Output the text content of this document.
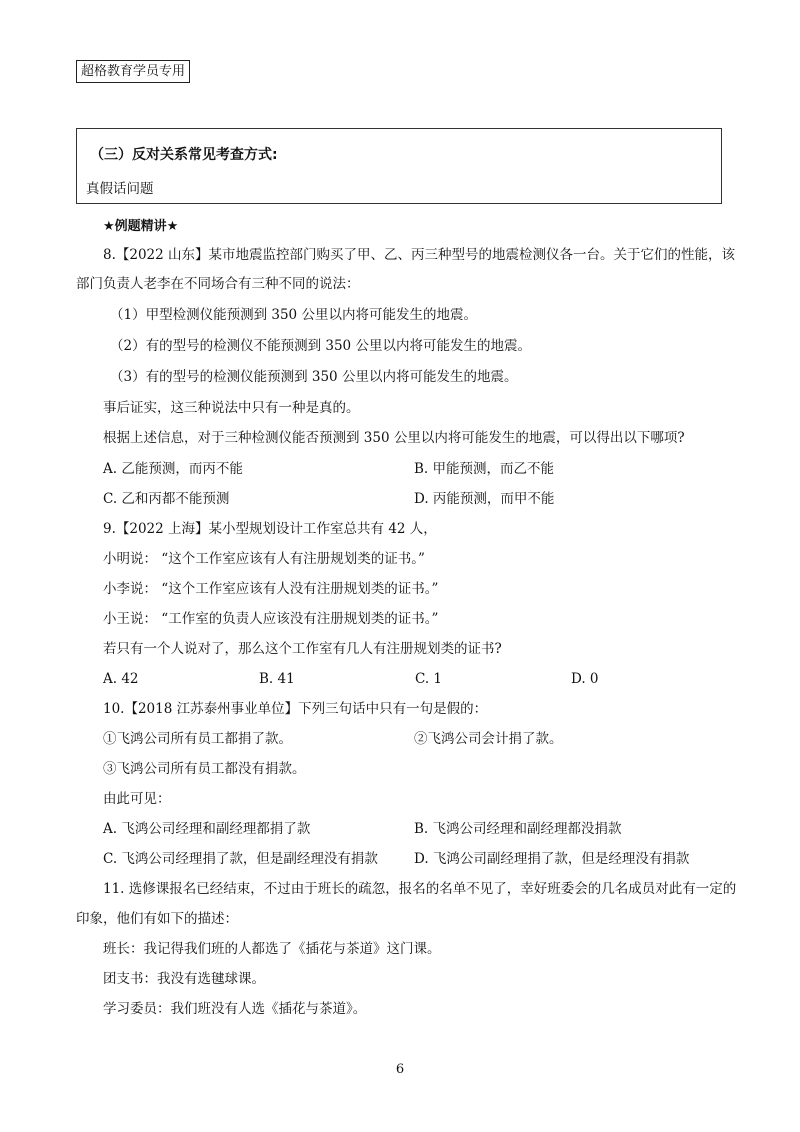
超格教育学员专用
（三）反对关系常见考查方式:
真假话问题
★例题精讲★
8.【2022 山东】某市地震监控部门购买了甲、乙、丙三种型号的地震检测仪各一台。关于它们的性能，该
部门负责人老李在不同场合有三种不同的说法：
（1）甲型检测仪能预测到 350 公里以内将可能发生的地震。
（2）有的型号的检测仪不能预测到 350 公里以内将可能发生的地震。
（3）有的型号的检测仪能预测到 350 公里以内将可能发生的地震。
事后证实，这三种说法中只有一种是真的。
根据上述信息，对于三种检测仪能否预测到 350 公里以内将可能发生的地震，可以得出以下哪项?
A. 乙能预测，而丙不能	B. 甲能预测，而乙不能
C. 乙和丙都不能预测	D. 丙能预测，而甲不能
9.【2022 上海】某小型规划设计工作室总共有 42 人，
小明说： “这个工作室应该有人有注册规划类的证书。”
小李说： “这个工作室应该有人没有注册规划类的证书。”
小王说： “工作室的负责人应该没有注册规划类的证书。”
若只有一个人说对了，那么这个工作室有几人有注册规划类的证书?
A. 42	B. 41	C. 1	D. 0
10.【2018 江苏泰州事业单位】下列三句话中只有一句是假的：
①飞鸿公司所有员工都捐了款。	②飞鸿公司会计捐了款。
③飞鸿公司所有员工都没有捐款。
由此可见：
A. 飞鸿公司经理和副经理都捐了款	B. 飞鸿公司经理和副经理都没捐款
C. 飞鸿公司经理捐了款，但是副经理没有捐款	D. 飞鸿公司副经理捐了款，但是经理没有捐款
11. 选修课报名已经结束，不过由于班长的疏忽，报名的名单不见了，幸好班委会的几名成员对此有一定的
印象，他们有如下的描述：
班长：我记得我们班的人都选了《插花与茶道》这门课。
团支书：我没有选毽球课。
学习委员：我们班没有人选《插花与茶道》。
6
